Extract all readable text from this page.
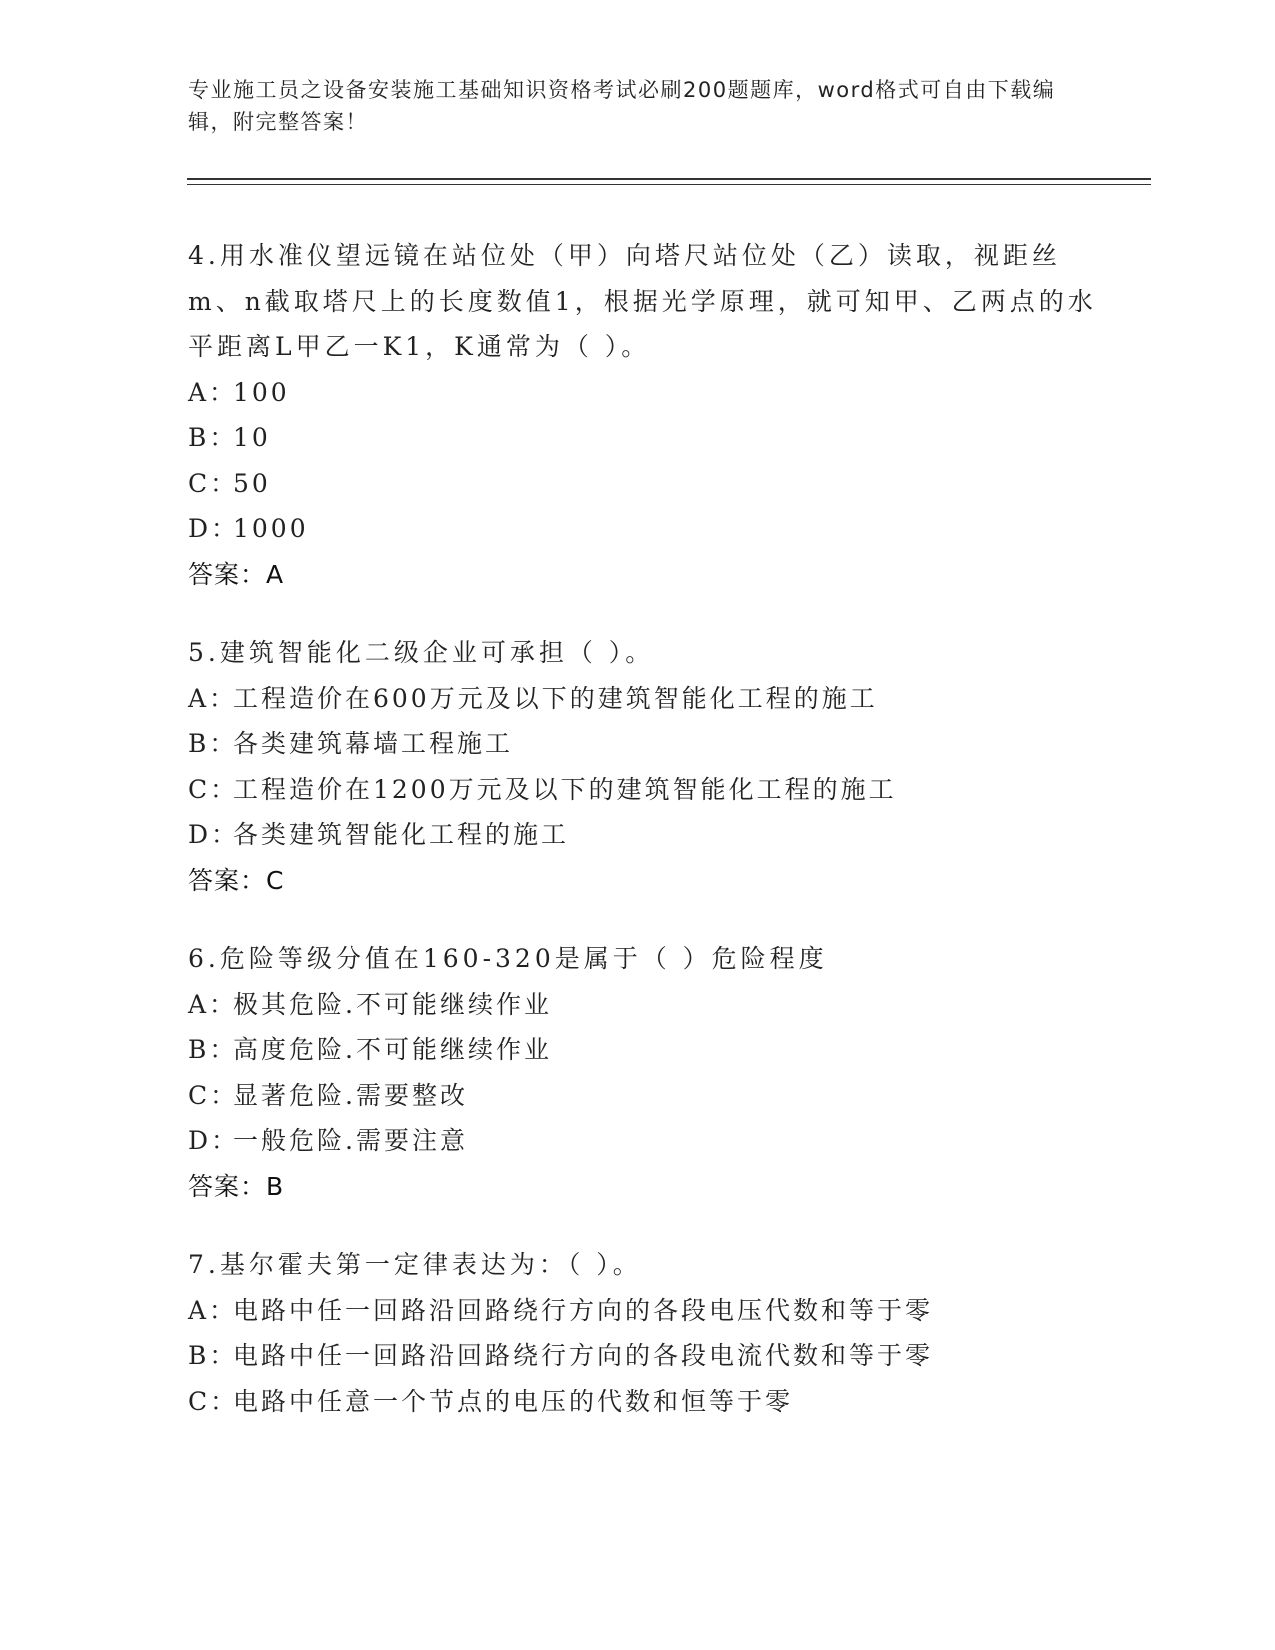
专业施工员之设备安装施工基础知识资格考试必刷200题题库，word格式可自由下载编辑，附完整答案！

4.用水准仪望远镜在站位处（甲）向塔尺站位处（乙）读取，视距丝m、n截取塔尺上的长度数值1，根据光学原理，就可知甲、乙两点的水平距离L甲乙一K1，K通常为（ ）。

A：100

B：10

C：50

D：1000

答案：A

5.建筑智能化二级企业可承担（ ）。

A：工程造价在600万元及以下的建筑智能化工程的施工

B：各类建筑幕墙工程施工

C：工程造价在1200万元及以下的建筑智能化工程的施工

D：各类建筑智能化工程的施工

答案：C

6.危险等级分值在160-320是属于（ ）危险程度

A：极其危险.不可能继续作业

B：高度危险.不可能继续作业

C：显著危险.需要整改

D：一般危险.需要注意

答案：B

7.基尔霍夫第一定律表达为：（ ）。

A：电路中任一回路沿回路绕行方向的各段电压代数和等于零

B：电路中任一回路沿回路绕行方向的各段电流代数和等于零

C：电路中任意一个节点的电压的代数和恒等于零
